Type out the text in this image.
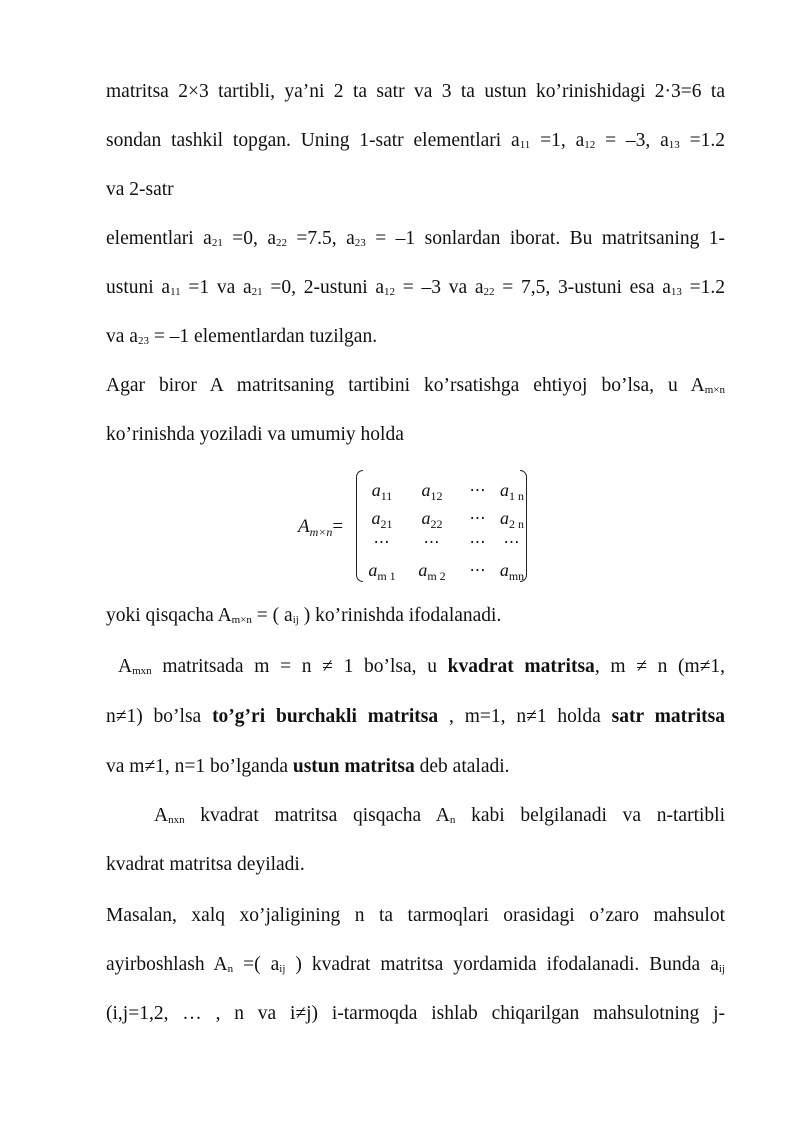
matritsa 2×3 tartibli, ya’ni 2 ta satr va 3 ta ustun ko’rinishidagi 2·3=6 ta
sondan tashkil topgan. Uning 1-satr elementlari a11 =1, a12 = –3, a13 =1.2
va 2-satr
elementlari a21 =0, a22 =7.5, a23 = –1 sonlardan iborat. Bu matritsaning 1-
ustuni a11 =1 va a21 =0, 2-ustuni a12 = –3 va a22 = 7,5, 3-ustuni esa a13 =1.2
va a23 = –1 elementlardan tuzilgan.
Agar biror A matritsaning tartibini ko’rsatishga ehtiyoj bo’lsa, u Am×n
ko’rinishda yoziladi va umumiy holda
$A_{m\times n}=$
$a_{11}$	$a_{12}$	⋯ $a_{1 n}$
$a_{21}$	$a_{22}$	⋯ $a_{2 n}$
⋯	⋯	⋯	⋯
$a_{m 1}$	$a_{m 2}$	⋯ $a_{mn}$
yoki qisqacha Am×n = ( aij ) ko’rinishda ifodalanadi.
Amxn matritsada m = n ≠ 1 bo’lsa, u kvadrat matritsa, m ≠ n (m≠1,
n≠1) bo’lsa to’g’ri burchakli matritsa , m=1, n≠1 holda satr matritsa
va m≠1, n=1 bo’lganda ustun matritsa deb ataladi.
Anxn kvadrat matritsa qisqacha An kabi belgilanadi va n-tartibli
kvadrat matritsa deyiladi.
Masalan, xalq xo’jaligining n ta tarmoqlari orasidagi o’zaro mahsulot
ayirboshlash An =( aij ) kvadrat matritsa yordamida ifodalanadi. Bunda aij
(i,j=1,2, … , n va i≠j) i-tarmoqda ishlab chiqarilgan mahsulotning j-
